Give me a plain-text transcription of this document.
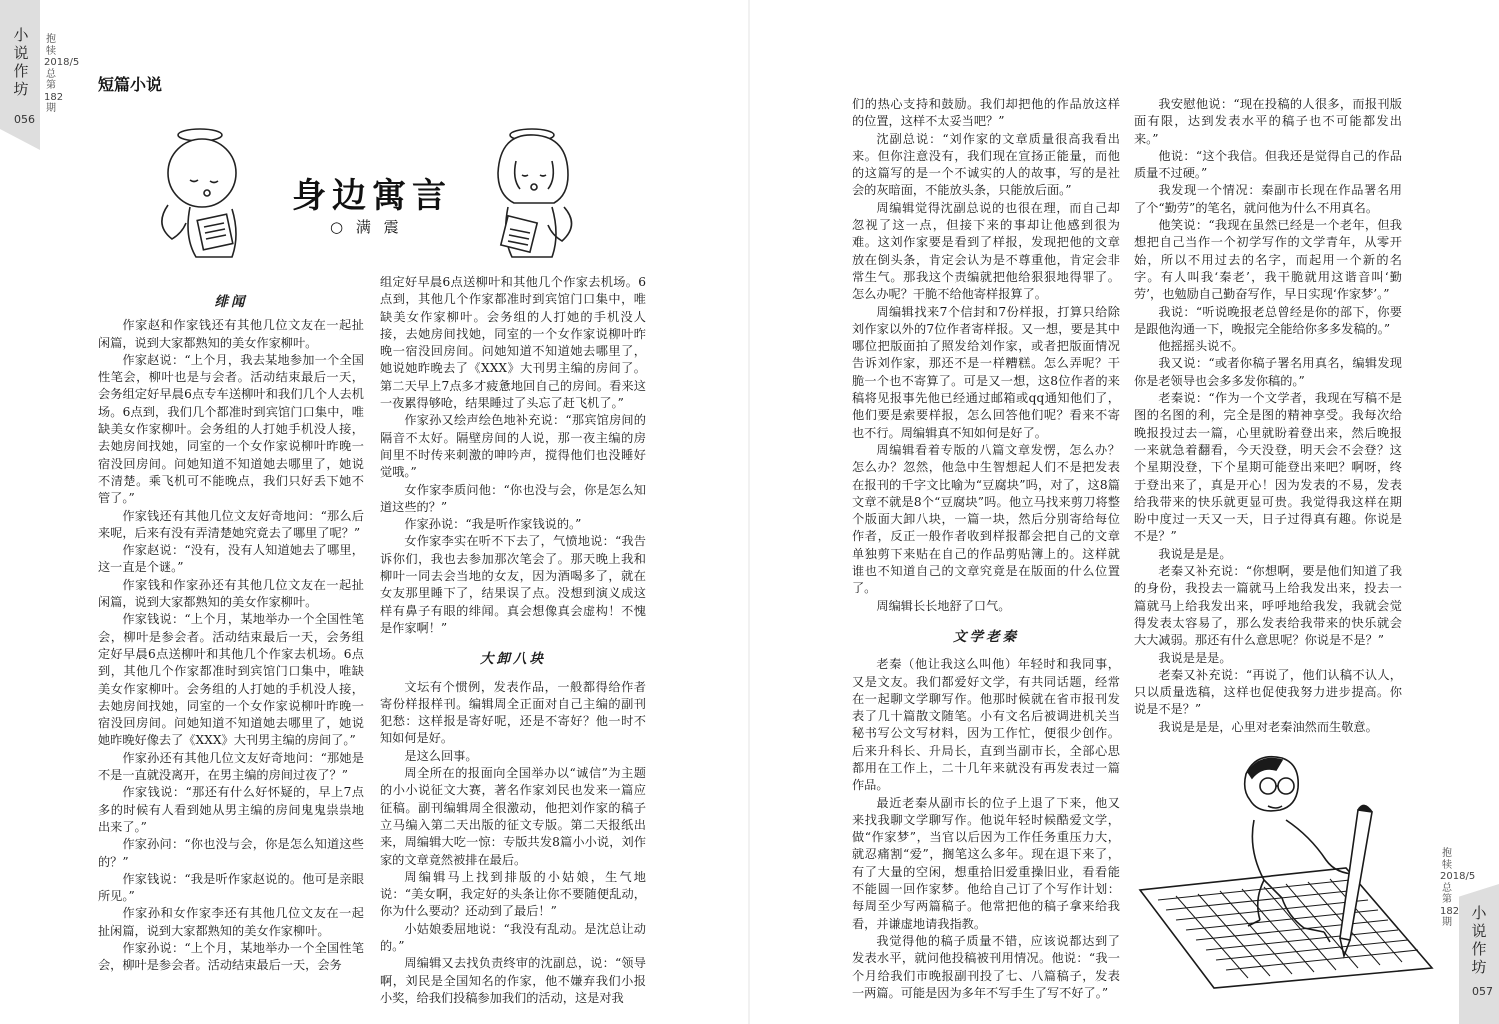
小说作坊
056
抱犊2018/5 总第182期
短篇小说
身边寓言
○ 满 震
绯闻

作家赵和作家钱还有其他几位文友在一起扯闲篇，说到大家都熟知的美女作家柳叶。

作家赵说：“上个月，我去某地参加一个全国性笔会，柳叶也是与会者。活动结束最后一天，会务组定好早晨6点专车送柳叶和我们几个人去机场。6点到，我们几个都准时到宾馆门口集中，唯缺美女作家柳叶。会务组的人打她手机没人接，去她房间找她，同室的一个女作家说柳叶昨晚一宿没回房间。问她知道不知道她去哪里了，她说不清楚。乘飞机可不能晚点，我们只好丢下她不管了。”

作家钱还有其他几位文友好奇地问：“那么后来呢，后来有没有弄清楚她究竟去了哪里了呢？”

作家赵说：“没有，没有人知道她去了哪里，这一直是个谜。”

作家钱和作家孙还有其他几位文友在一起扯闲篇，说到大家都熟知的美女作家柳叶。

作家钱说：“上个月，某地举办一个全国性笔会，柳叶是参会者。活动结束最后一天，会务组定好早晨6点送柳叶和其他几个作家去机场。6点到，其他几个作家都准时到宾馆门口集中，唯缺美女作家柳叶。会务组的人打她的手机没人接，去她房间找她，同室的一个女作家说柳叶昨晚一宿没回房间。问她知道不知道她去哪里了，她说她昨晚好像去了《XXX》大刊男主编的房间了。”

作家孙还有其他几位文友好奇地问：“那她是不是一直就没离开，在男主编的房间过夜了？”

作家钱说：“那还有什么好怀疑的，早上7点多的时候有人看到她从男主编的房间鬼鬼祟祟地出来了。”

作家孙问：“你也没与会，你是怎么知道这些的？”

作家钱说：“我是听作家赵说的。他可是亲眼所见。”

作家孙和女作家李还有其他几位文友在一起扯闲篇，说到大家都熟知的美女作家柳叶。

作家孙说：“上个月，某地举办一个全国性笔会，柳叶是参会者。活动结束最后一天，会务

组定好早晨6点送柳叶和其他几个作家去机场。6点到，其他几个作家都准时到宾馆门口集中，唯缺美女作家柳叶。会务组的人打她的手机没人接，去她房间找她，同室的一个女作家说柳叶昨晚一宿没回房间。问她知道不知道她去哪里了，她说她昨晚去了《XXX》大刊男主编的房间了。第二天早上7点多才疲惫地回自己的房间。看来这一夜累得够呛，结果睡过了头忘了赶飞机了。”

作家孙又绘声绘色地补充说：“那宾馆房间的隔音不太好。隔壁房间的人说，那一夜主编的房间里不时传来刺激的呻吟声，搅得他们也没睡好觉哦。”

女作家李质问他：“你也没与会，你是怎么知道这些的？”

作家孙说：“我是听作家钱说的。”

女作家李实在听不下去了，气愤地说：“我告诉你们，我也去参加那次笔会了。那天晚上我和柳叶一同去会当地的女友，因为酒喝多了，就在女友那里睡下了，结果误了点。没想到演义成这样有鼻子有眼的绯闻。真会想像真会虚构！不愧是作家啊！”

大卸八块

文坛有个惯例，发表作品，一般都得给作者寄份样报样刊。编辑周全正面对自己主编的副刊犯愁：这样报是寄好呢，还是不寄好？他一时不知如何是好。

是这么回事。

周全所在的报面向全国举办以“诚信”为主题的小小说征文大赛，著名作家刘民也发来一篇应征稿。副刊编辑周全很激动，他把刘作家的稿子立马编入第二天出版的征文专版。第二天报纸出来，周编辑大吃一惊：专版共发8篇小小说，刘作家的文章竟然被排在最后。

周编辑马上找到排版的小姑娘，生气地说：“美女啊，我定好的头条让你不要随便乱动，你为什么要动？还动到了最后！”

小姑娘委屈地说：“我没有乱动。是沈总让动的。”

周编辑又去找负责终审的沈副总，说：“领导啊，刘民是全国知名的作家，他不嫌弃我们小报小奖，给我们投稿参加我们的活动，这是对我

们的热心支持和鼓励。我们却把他的作品放这样的位置，这样不太妥当吧？”

沈副总说：“刘作家的文章质量很高我看出来。但你注意没有，我们现在宣扬正能量，而他的这篇写的是一个不诚实的人的故事，写的是社会的灰暗面，不能放头条，只能放后面。”

周编辑觉得沈副总说的也很在理，而自己却忽视了这一点，但接下来的事却让他感到很为难。这刘作家要是看到了样报，发现把他的文章放在倒头条，肯定会认为是不尊重他，肯定会非常生气。那我这个责编就把他给狠狠地得罪了。怎么办呢？干脆不给他寄样报算了。

周编辑找来7个信封和7份样报，打算只给除刘作家以外的7位作者寄样报。又一想，要是其中哪位把版面拍了照发给刘作家，或者把版面情况告诉刘作家，那还不是一样糟糕。怎么弄呢？干脆一个也不寄算了。可是又一想，这8位作者的来稿将见报事先他已经通过邮箱或qq通知他们了，他们要是索要样报，怎么回答他们呢？看来不寄也不行。周编辑真不知如何是好了。

周编辑看着专版的八篇文章发愣，怎么办？怎么办？忽然，他急中生智想起人们不是把发表在报刊的千字文比喻为“豆腐块”吗，对了，这8篇文章不就是8个“豆腐块”吗。他立马找来剪刀将整个版面大卸八块，一篇一块，然后分别寄给每位作者，反正一般作者收到样报都会把自己的文章单独剪下来贴在自己的作品剪贴簿上的。这样就谁也不知道自己的文章究竟是在版面的什么位置了。

周编辑长长地舒了口气。

文学老秦

老秦（他让我这么叫他）年轻时和我同事，又是文友。我们都爱好文学，有共同话题，经常在一起聊文学聊写作。他那时候就在省市报刊发表了几十篇散文随笔。小有文名后被调进机关当秘书写公文写材料，因为工作忙，便很少创作。后来升科长、升局长，直到当副市长，全部心思都用在工作上，二十几年来就没有再发表过一篇作品。

最近老秦从副市长的位子上退了下来，他又来找我聊文学聊写作。他说年轻时候酷爱文学，做“作家梦”，当官以后因为工作任务重压力大，就忍痛割“爱”，搁笔这么多年。现在退下来了，有了大量的空闲，想重拾旧爱重操旧业，看看能不能圆一回作家梦。他给自己订了个写作计划：每周至少写两篇稿子。他常把他的稿子拿来给我看，并谦虚地请我指教。

我觉得他的稿子质量不错，应该说都达到了发表水平，就问他投稿被刊用情况。他说：“我一个月给我们市晚报副刊投了七、八篇稿子，发表一两篇。可能是因为多年不写手生了写不好了。”

我安慰他说：“现在投稿的人很多，而报刊版面有限，达到发表水平的稿子也不可能都发出来。”

他说：“这个我信。但我还是觉得自己的作品质量不过硬。”

我发现一个情况：秦副市长现在作品署名用了个“勤劳”的笔名，就问他为什么不用真名。

他笑说：“我现在虽然已经是一个老年，但我想把自己当作一个初学写作的文学青年，从零开始，所以不用过去的名字，而起用一个新的名字。有人叫我‘秦老’，我干脆就用这谐音叫‘勤劳’，也勉励自己勤奋写作，早日实现‘作家梦’。”

我说：“听说晚报老总曾经是你的部下，你要是跟他沟通一下，晚报完全能给你多多发稿的。”

他摇摇头说不。

我又说：“或者你稿子署名用真名，编辑发现你是老领导也会多多发你稿的。”

老秦说：“作为一个文学者，我现在写稿不是图的名图的利，完全是图的精神享受。我每次给晚报投过去一篇，心里就盼着登出来，然后晚报一来就急着翻看，今天没登，明天会不会登？这个星期没登，下个星期可能登出来吧？啊呀，终于登出来了，真是开心！因为发表的不易，发表给我带来的快乐就更显可贵。我觉得我这样在期盼中度过一天又一天，日子过得真有趣。你说是不是？”

我说是是是。

老秦又补充说：“你想啊，要是他们知道了我的身份，我投去一篇就马上给我发出来，投去一篇就马上给我发出来，呼呼地给我发，我就会觉得发表太容易了，那么发表给我带来的快乐就会大大减弱。那还有什么意思呢？你说是不是？”

我说是是是。

老秦又补充说：“再说了，他们认稿不认人，只以质量选稿，这样也促使我努力进步提高。你说是不是？”

我说是是是，心里对老秦油然而生敬意。

小说作坊
057
抱犊2018/5 总第182期
